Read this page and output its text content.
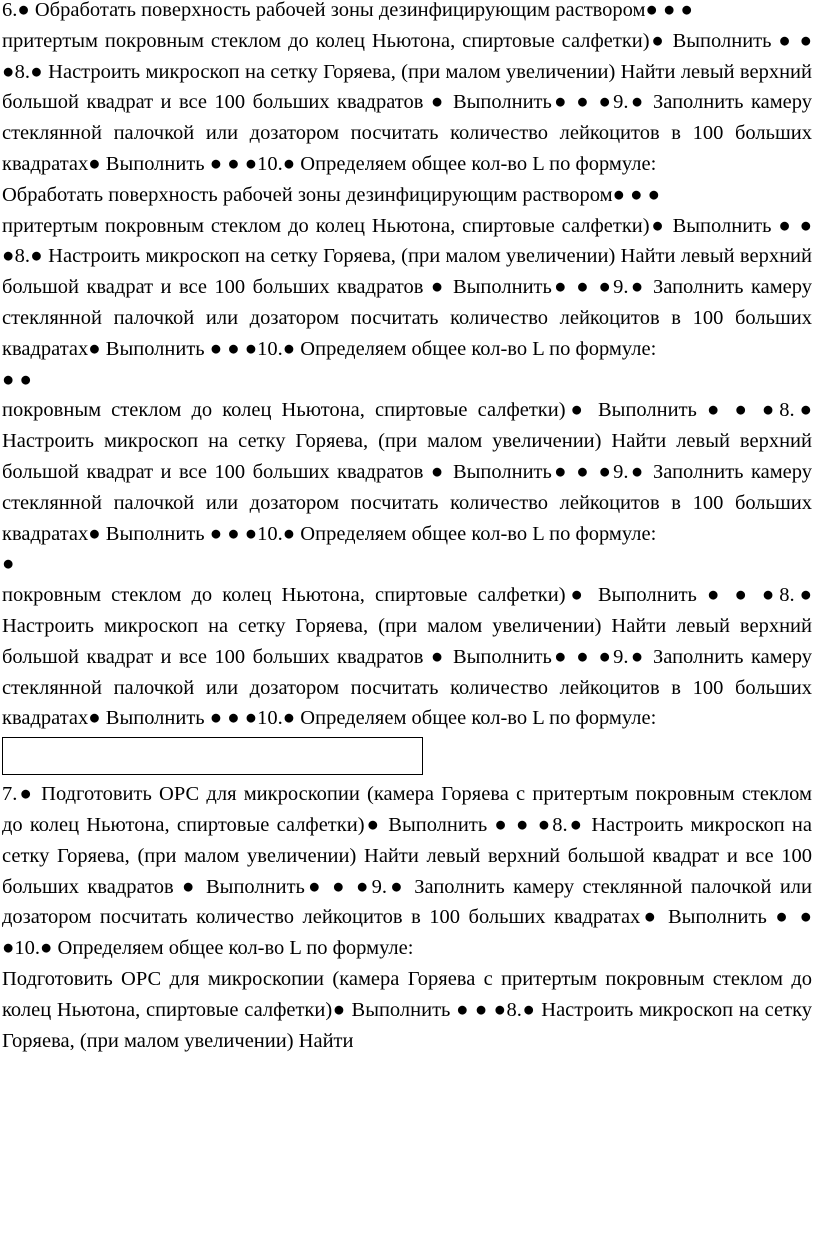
6.● Обработать поверхность рабочей зоны дезинфицирующим раствором● ● ●

притертым покровным стеклом до колец Ньютона, спиртовые салфетки)● Выполнить ● ● ●8.● Настроить микроскоп на сетку Горяева, (при малом увеличении) Найти левый верхний большой квадрат и все 100 больших квадратов ● Выполнить● ● ●9.● Заполнить камеру стеклянной палочкой или дозатором посчитать количество лейкоцитов в 100 больших квадратах● Выполнить ● ● ●10.● Определяем общее кол-во L по формуле:

Обработать поверхность рабочей зоны дезинфицирующим раствором● ● ●

притертым покровным стеклом до колец Ньютона, спиртовые салфетки)● Выполнить ● ● ●8.● Настроить микроскоп на сетку Горяева, (при малом увеличении) Найти левый верхний большой квадрат и все 100 больших квадратов ● Выполнить● ● ●9.● Заполнить камеру стеклянной палочкой или дозатором посчитать количество лейкоцитов в 100 больших квадратах● Выполнить ● ● ●10.● Определяем общее кол-во L по формуле:

● ●

покровным стеклом до колец Ньютона, спиртовые салфетки)● Выполнить ● ● ●8.● Настроить микроскоп на сетку Горяева, (при малом увеличении) Найти левый верхний большой квадрат и все 100 больших квадратов ● Выполнить● ● ●9.● Заполнить камеру стеклянной палочкой или дозатором посчитать количество лейкоцитов в 100 больших квадратах● Выполнить ● ● ●10.● Определяем общее кол-во L по формуле:

●

покровным стеклом до колец Ньютона, спиртовые салфетки)● Выполнить ● ● ●8.● Настроить микроскоп на сетку Горяева, (при малом увеличении) Найти левый верхний большой квадрат и все 100 больших квадратов ● Выполнить● ● ●9.● Заполнить камеру стеклянной палочкой или дозатором посчитать количество лейкоцитов в 100 больших квадратах● Выполнить ● ● ●10.● Определяем общее кол-во L по формуле:

7.● Подготовить ОРС для микроскопии (камера Горяева с притертым покровным стеклом до колец Ньютона, спиртовые салфетки)● Выполнить ● ● ●8.● Настроить микроскоп на сетку Горяева, (при малом увеличении) Найти левый верхний большой квадрат и все 100 больших квадратов ● Выполнить● ● ●9.● Заполнить камеру стеклянной палочкой или дозатором посчитать количество лейкоцитов в 100 больших квадратах● Выполнить ● ● ●10.● Определяем общее кол-во L по формуле:

Подготовить ОРС для микроскопии (камера Горяева с притертым покровным стеклом до колец Ньютона, спиртовые салфетки)● Выполнить ● ● ●8.● Настроить микроскоп на сетку Горяева, (при малом увеличении) Найти
